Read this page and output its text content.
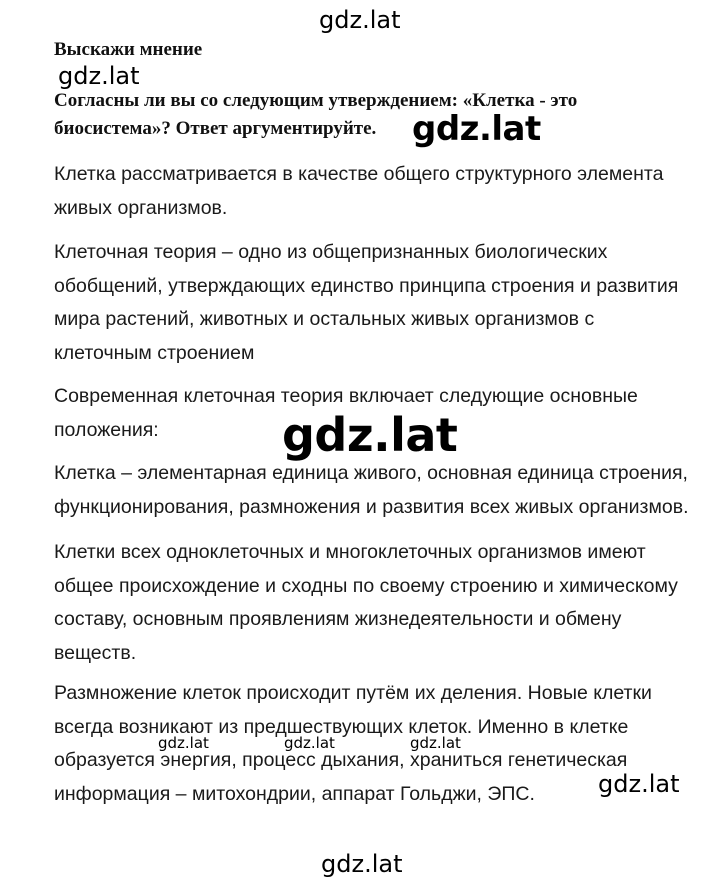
gdz.lat
Выскажи мнение
gdz.lat
Согласны ли вы со следующим утверждением: «Клетка - это
биосистема»? Ответ аргументируйте. gdz.lat
Клетка рассматривается в качестве общего структурного элемента
живых организмов.
Клеточная теория – одно из общепризнанных биологических
обобщений, утверждающих единство принципа строения и развития
мира растений, животных и остальных живых организмов с
клеточным строением
Современная клеточная теория включает следующие основные
положения:	gdz.lat
Клетка – элементарная единица живого, основная единица строения,
функционирования, размножения и развития всех живых организмов.
Клетки всех одноклеточных и многоклеточных организмов имеют
общее происхождение и сходны по своему строению и химическому
составу, основным проявлениям жизнедеятельности и обмену
веществ.
Размножение клеток происходит путём их деления. Новые клетки
всегда возникают из предшествующих клеток. Именно в клетке
образуется энергия, процесс дыхания, храниться генетическая
информация – митохондрии, аппарат Гольджи, ЭПС.
gdz.lat	gdz.lat	gdz.lat
gdz.lat
gdz.lat
